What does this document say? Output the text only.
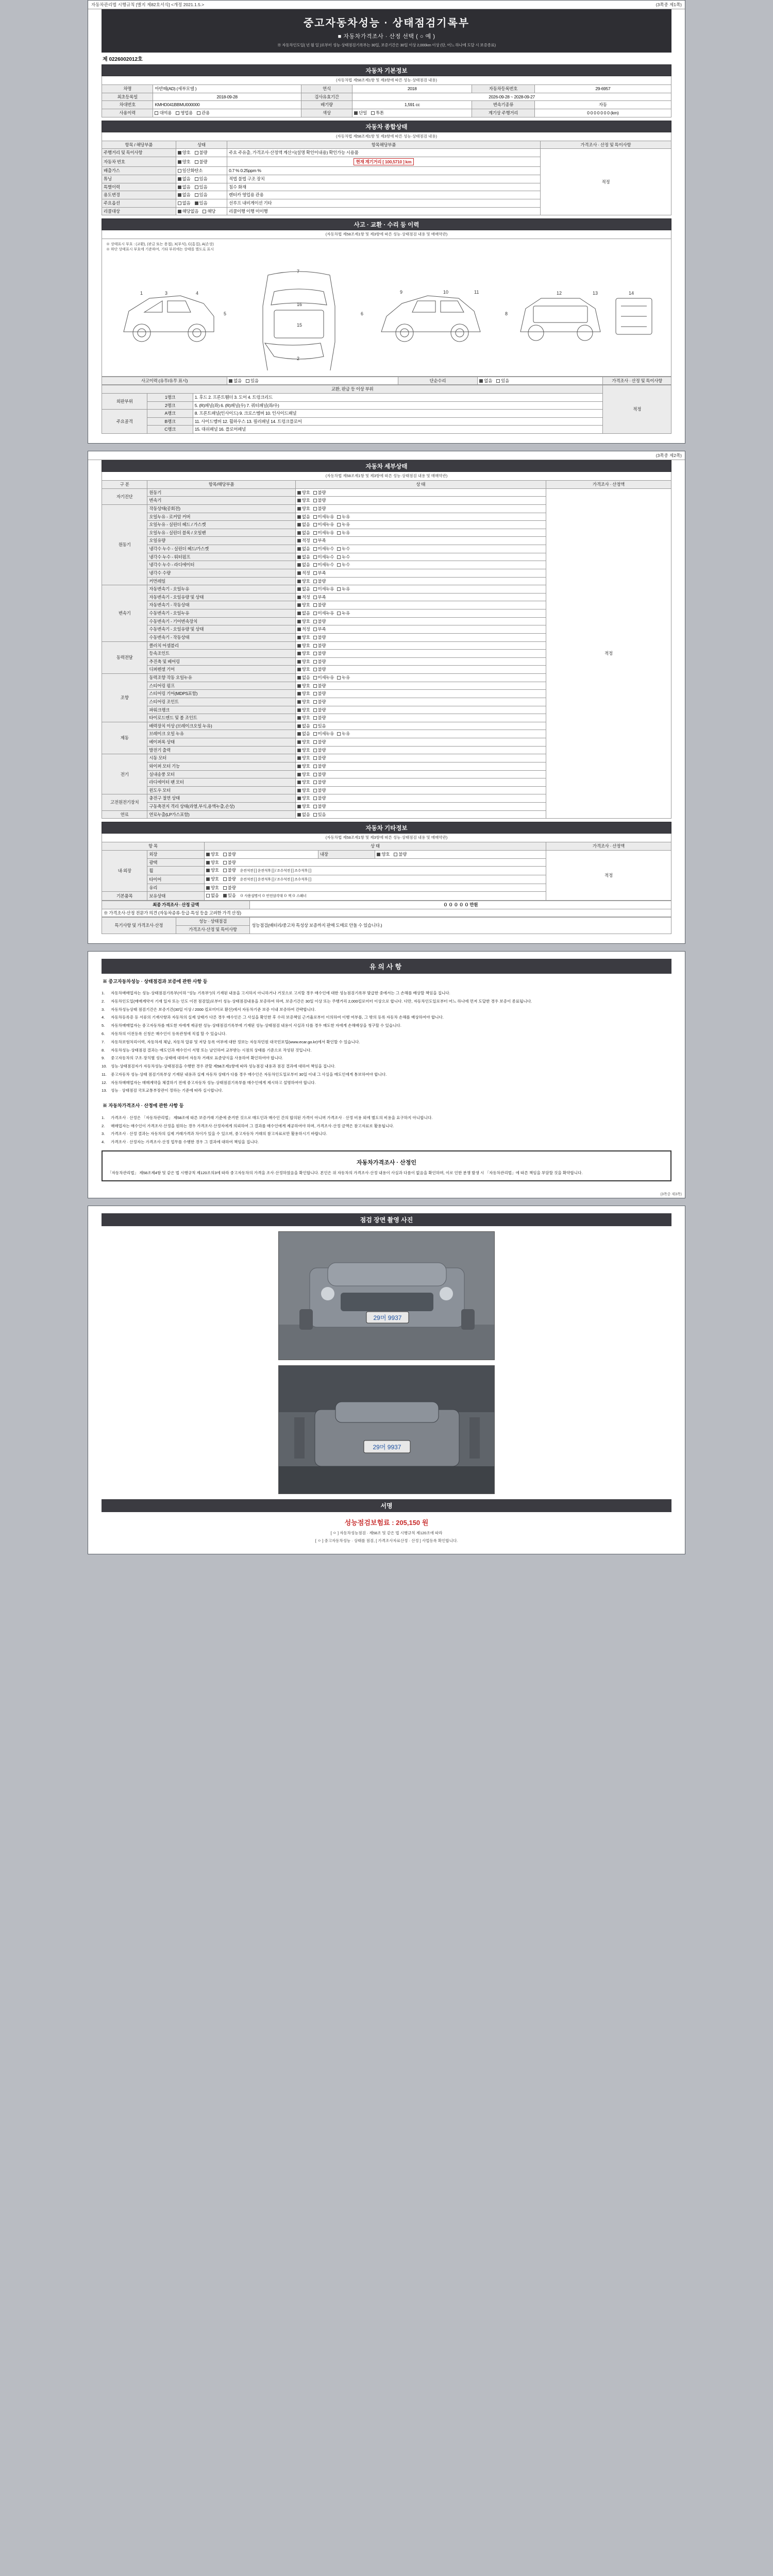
자동차관리법 시행규칙 [별지 제82호서식] <개정 2021.1.5.>	(3쪽중 제1쪽)
중고자동차성능 · 상태점검기록부
■ 자동차가격조사 · 산정 선택 ( ○ 예 )
※ 자동차인도일( 년 월 일 )로부터 성능·상태점검기록부는 30일, 보증기간은 30일 이상 2,000km 이상 (단, 어느 하나에 도달 시 보증종료)
제 0226002012호
자동차 기본정보
(자동차법 제58조제1항 및 제3항에 따른 성능·상태점검 내용)
차명	아반떼(AD) (세부모델 )	연식	2018	자동차등록번호	29-6957
최초등록일	2018-09-28	검사유효기간	2026-09-28 ~ 2028-09-27		
차대번호	KMHD041BBMU000000	배기량	1,591 cc	변속기종류	자동
사용이력	대여용 영업용 관용	색상	단일 투톤	계기상 주행거리	0 0 0 0 0 0 0 (km)
자동차 종합상태
(자동차법 제58조제1항 및 제3항에 따른 성능·상태점검 내용)
항목 / 해당부품	상태	항목해당부품	가격조사 · 산정 및 특이사항
주행거리 및 특이사항	양호 불량	주요 주유출, 가격조사·산정액 계산시(설명 확인이내용) 확인가능 시용품	적정
자동차 번호	양호 불량	현재 계기거리 [ 100,5710 ] km	
배출가스	일산화탄소	0.7 % 0.25ppm %	
튜닝	없음 있음	적법 불법 구조 장치	
특별이력	없음 있음	침수 화재	
용도변경	없음 있음	렌터카 영업용 관용	
주요옵션	없음 있음	선루프 내비게이션 기타	
리콜대상	해당없음 해당	리콜이행 이행 미이행	
사고 · 교환 · 수리 등 이력
(자동차법 제58조제1항 및 제3항에 따른 성능·상태점검 내용 및 매매약관)
※ 상태표시 부호 : (교환), (판금 또는 용접), X(부식), C(흠집), A(손상)
※ 하단 상태표시 부호에 기준하여, 기타 부위에는 상태를 별도로 표시
1	3	4
7
16
15
2
9	10	11	12	13	14
5	6	8
사고이력 (유무/유무 표시)	없음 있음	단순수리	없음 있음	가격조사 · 산정 및 특이사항
교환, 판금 등 이상 부위			적정
외판부위	1랭크	1. 후드 2. 프론트휀더 3. 도어 4. 트렁크리드	
	2랭크	5. (R)패널(좌) 6. (R)패널(우) 7. 쿼터패널(좌/우)	
주요골격	A랭크	8. 프론트패널(인사이드) 9. 크로스멤버 10. 인사이드패널	
	B랭크	11. 사이드멤버 12. 휠하우스 13. 필러패널 14. 트렁크플로어	
	C랭크	15. 대쉬패널 16. 플로어패널	
(3쪽중 제2쪽)
자동차 세부상태
(자동차법 제58조제1항 및 제3항에 따른 성능·상태점검 내용 및 매매약관)
구 분	항목/해당부품	상 태	가격조사 · 산정액
자기진단	원동기	양호 불량	적정
	변속기	양호 불량	
원동기	작동상태(공회전)	양호 불량	
	오일누유 - 로커암 커버	없음 미세누유 누유	
	오일누유 - 실린더 헤드 / 가스켓	없음 미세누유 누유	
	오일누유 - 실린더 블록 / 오일팬	없음 미세누유 누유	
	오일유량	적정 부족	
	냉각수 누수 - 실린더 헤드/가스켓	없음 미세누수 누수	
	냉각수 누수 - 워터펌프	없음 미세누수 누수	
	냉각수 누수 - 라디에이터	없음 미세누수 누수	
	냉각수 수량	적정 부족	
	커먼레일	양호 불량	
변속기	자동변속기 - 오일누유	없음 미세누유 누유	
	자동변속기 - 오일유량 및 상태	적정 부족	
	자동변속기 - 작동상태	양호 불량	
	수동변속기 - 오일누유	없음 미세누유 누유	
	수동변속기 - 기어변속장치	양호 불량	
	수동변속기 - 오일유량 및 상태	적정 부족	
	수동변속기 - 작동상태	양호 불량	
동력전달	클러치 어셈블리	양호 불량	
	등속조인트	양호 불량	
	추진축 및 베어링	양호 불량	
	디퍼렌셜 기어	양호 불량	
조향	동력조향 작동 오일누유	없음 미세누유 누유	
	스티어링 펌프	양호 불량	
	스티어링 기어(MDPS포함)	양호 불량	
	스티어링 조인트	양호 불량	
	파워크랭크	양호 불량	
	타이로드엔드 및 볼 조인트	양호 불량	
제동	배력장치 이상 (브레이크오일 누유)	없음 있음	
	브레이크 오일 누유	없음 미세누유 누유	
	베이퍼록 상태	양호 불량	
	발전기 출력	양호 불량	
전기	시동 모터	양호 불량	
	와이퍼 모터 기능	양호 불량	
	실내송풍 모터	양호 불량	
	라디에이터 팬 모터	양호 불량	
	윈도우 모터	양호 불량	
고전원전기장치	충전구 절연 상태	양호 불량	
	구동축전지 격리 상태(과열,부식,용액누출,손상)	양호 불량	
연료	연료누출(LP가스포함)	없음 있음	
자동차 기타정보
(자동차법 제58조제1항 및 제3항에 따른 성능·상태점검 내용 및 매매약관)
항 목		상 태			가격조사 · 산정액
내·외장	외장	양호 불량	내장	양호 불량	적정
	광택	양호 불량			
	휠	양호 불량 운전석전 [ ] 운전석후 [ ] / 조수석전 [ ] 조수석후 [ ]			
	타이어	양호 불량 운전석전 [ ] 운전석후 [ ] / 조수석전 [ ] 조수석후 [ ]			
	유리	양호 불량			
기본품목	보유상태	없음 있음 ０ 사용설명서 ０ 안전삼각대 ０ 잭 ０ 스패너			
최종 가격조사 · 산정 금액	０ ０ ０ ０ ０ 만원
※ 가격조사·산정 전문가 의견 (자동차종류·등급·특성 등을 고려한 가격 산정)
특기사항 및 가격조사·산정	성능 · 상태점검	성능점검(배터리/중고차 특성상 보증까지 판매 도매로 안돌 수 있습니다.)
가격조사·산정 및 특이사항
유의사항
※ 중고자동차성능 · 상태점검과 보증에 관한 사항 등
1. 자동차매매업자는 성능·상태점검기록부(이하 "성능 기록부")의 기재된 내용을 고지하지 아니하거나 거짓으로 고지할 경우 매수인에 대한 성능점검기록부 발급한 중에서는 그 손해를 배상할 책임을 집니다.
2. 자동차인도일(매매계약서 기재 일자 또는 인도 이전 점검일)로부터 성능·상태점검내용을 보증하여 하며, 보증기간은 30일 이상 또는 주행거리 2,000킬로미터 이상으로 합니다. 다만, 자동차인도일로부터 어느 하나에 먼저 도달한 경우 보증이 종료됩니다.
3. 자동차성능상태 점검기간은 보증기간(30일 이상 / 2000 킬로미터로 환산)에서 자동차기준 보증 이내 보증하여 간략합니다.
4. 자동차등록증 등 서류의 기재사항과 자동차의 실제 상태가 다른 경우 매수인은 그 사실을 확인한 후 수리 보증책임 근거율로부터 이의하여 이행 여부를, 그 밖의 등록 자동차 손해를 배상하여야 합니다.
5. 자동차매매업자는 중고자동차를 매도한 자에게 제공한 성능·상태점검기록부에 기재된 성능·상태점검 내용이 사실과 다를 경우 매도한 자에게 손해배상을 청구할 수 있습니다.
6. 자동차의 이전등록 신청은 매수인이 등록관청에 직접 할 수 있습니다.
7. 자동차보험처리이력, 자동차세 체납, 자동차 압류 및 저당 등록 여부에 대한 정보는 자동차민원 대국민포털(www.ecar.go.kr)에서 확인할 수 있습니다.
8. 자동차성능·상태점검 결과는 매도인과 매수인이 서명 또는 날인하여 교부받는 시점의 상태를 기준으로 작성된 것입니다.
9. 중고자동차의 구조·장치별 성능·상태에 대하여 자동차 거래로 표준양식을 사용하여 확인하여야 합니다.
10. 성능·상태점검자가 자동차성능·상태점검을 수행한 경우 관할 제58조제1항에 따라 성능점검 내용과 점검 결과에 대하여 책임을 집니다.
11. 중고자동차 성능·상태 점검기록부상 기재된 내용과 실제 자동차 상태가 다를 경우 매수인은 자동차인도일로부터 30일 이내 그 사실을 매도인에게 통보하여야 합니다.
12. 자동차매매업자는 매매계약을 체결하기 전에 중고자동차 성능·상태점검기록부를 매수인에게 제시하고 설명하여야 합니다.
13. 성능 · 상태점검 국토교통부장관이 정하는 기준에 따라 실시합니다.
※ 자동차가격조사 · 산정에 관한 사항 등
1. 가격조사 · 산정은 「자동차관리법」 제58조에 따른 보증거래 기준에 준거한 것으로 매도인과 매수인 간의 합의된 가격이 아니며 가격조사 · 산정 비용 외에 별도의 비용을 요구하지 아니합니다.
2. 매매업자는 매수인이 가격조사·산정을 원하는 경우 가격조사·산정자에게 의뢰하여 그 결과를 매수인에게 제공하여야 하며, 가격조사·산정 금액은 참고자료로 활용됩니다.
3. 가격조사 · 산정 결과는 자동차의 실제 거래가격과 차이가 있을 수 있으며, 중고자동차 거래의 참고자료로만 활용하시기 바랍니다.
4. 가격조사 · 산정자는 가격조사·산정 업무를 수행한 경우 그 결과에 대하여 책임을 집니다.
자동차가격조사 · 산정인
「자동차관리법」 제58조제4항 및 같은 법 시행규칙 제120조의3에 따라 중고자동차의 가격을 조사·산정하였음을 확인합니다. 본인은 위 자동차의 가격조사·산정 내용이 사실과 다름이 없음을 확인하며, 이로 인한 분쟁 발생 시 「자동차관리법」에 따른 책임을 부담할 것을 확약합니다.
(3쪽중 제3쪽)
점검 장면 촬영 사진
29머 9937
29머 9937
서명
성능점검보험료 : 205,150 원
[ ㅇ ] 자동차성능점검 · 제58조 및 같은 법 시행규칙 제120조에 따라
[ ㅇ ] 중고자동차성능 · 상태를 점검, [ 가격조사자료산정 · 산정 ] 사업등록 확인합니다.
